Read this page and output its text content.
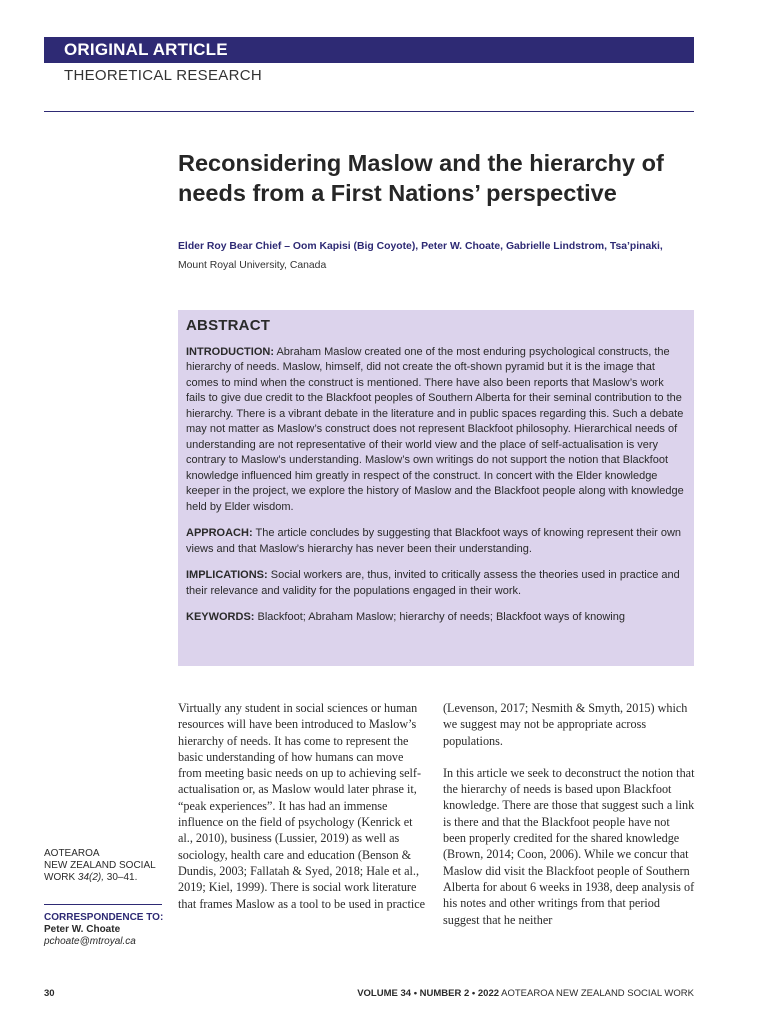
ORIGINAL ARTICLE
THEORETICAL RESEARCH
Reconsidering Maslow and the hierarchy of needs from a First Nations’ perspective
Elder Roy Bear Chief – Oom Kapisi (Big Coyote), Peter W. Choate, Gabrielle Lindstrom, Tsa’pinaki,
Mount Royal University, Canada
ABSTRACT

INTRODUCTION: Abraham Maslow created one of the most enduring psychological constructs, the hierarchy of needs. Maslow, himself, did not create the oft-shown pyramid but it is the image that comes to mind when the construct is mentioned. There have also been reports that Maslow’s work fails to give due credit to the Blackfoot peoples of Southern Alberta for their seminal contribution to the hierarchy. There is a vibrant debate in the literature and in public spaces regarding this. Such a debate may not matter as Maslow’s construct does not represent Blackfoot philosophy. Hierarchical needs of understanding are not representative of their world view and the place of self-actualisation is very contrary to Maslow’s understanding. Maslow’s own writings do not support the notion that Blackfoot knowledge influenced him greatly in respect of the construct. In concert with the Elder knowledge keeper in the project, we explore the history of Maslow and the Blackfoot people along with knowledge held by Elder wisdom.

APPROACH: The article concludes by suggesting that Blackfoot ways of knowing represent their own views and that Maslow’s hierarchy has never been their understanding.

IMPLICATIONS: Social workers are, thus, invited to critically assess the theories used in practice and their relevance and validity for the populations engaged in their work.

KEYWORDS: Blackfoot; Abraham Maslow; hierarchy of needs; Blackfoot ways of knowing

Virtually any student in social sciences or human resources will have been introduced to Maslow’s hierarchy of needs. It has come to represent the basic understanding of how humans can move from meeting basic needs on up to achieving self-actualisation or, as Maslow would later phrase it, “peak experiences”. It has had an immense influence on the field of psychology (Kenrick et al., 2010), business (Lussier, 2019) as well as sociology, health care and education (Benson & Dundis, 2003; Fallatah & Syed, 2018; Hale et al., 2019; Kiel, 1999). There is social work literature that frames Maslow as a tool to be used in practice

(Levenson, 2017; Nesmith & Smyth, 2015) which we suggest may not be appropriate across populations.

In this article we seek to deconstruct the notion that the hierarchy of needs is based upon Blackfoot knowledge. There are those that suggest such a link is there and that the Blackfoot people have not been properly credited for the shared knowledge (Brown, 2014; Coon, 2006). While we concur that Maslow did visit the Blackfoot people of Southern Alberta for about 6 weeks in 1938, deep analysis of his notes and other writings from that period suggest that he neither

AOTEAROA
NEW ZEALAND SOCIAL
WORK 34(2), 30–41.
CORRESPONDENCE TO:
Peter W. Choate
pchoate@mtroyal.ca
30	VOLUME 34 • NUMBER 2 • 2022 AOTEAROA NEW ZEALAND SOCIAL WORK
